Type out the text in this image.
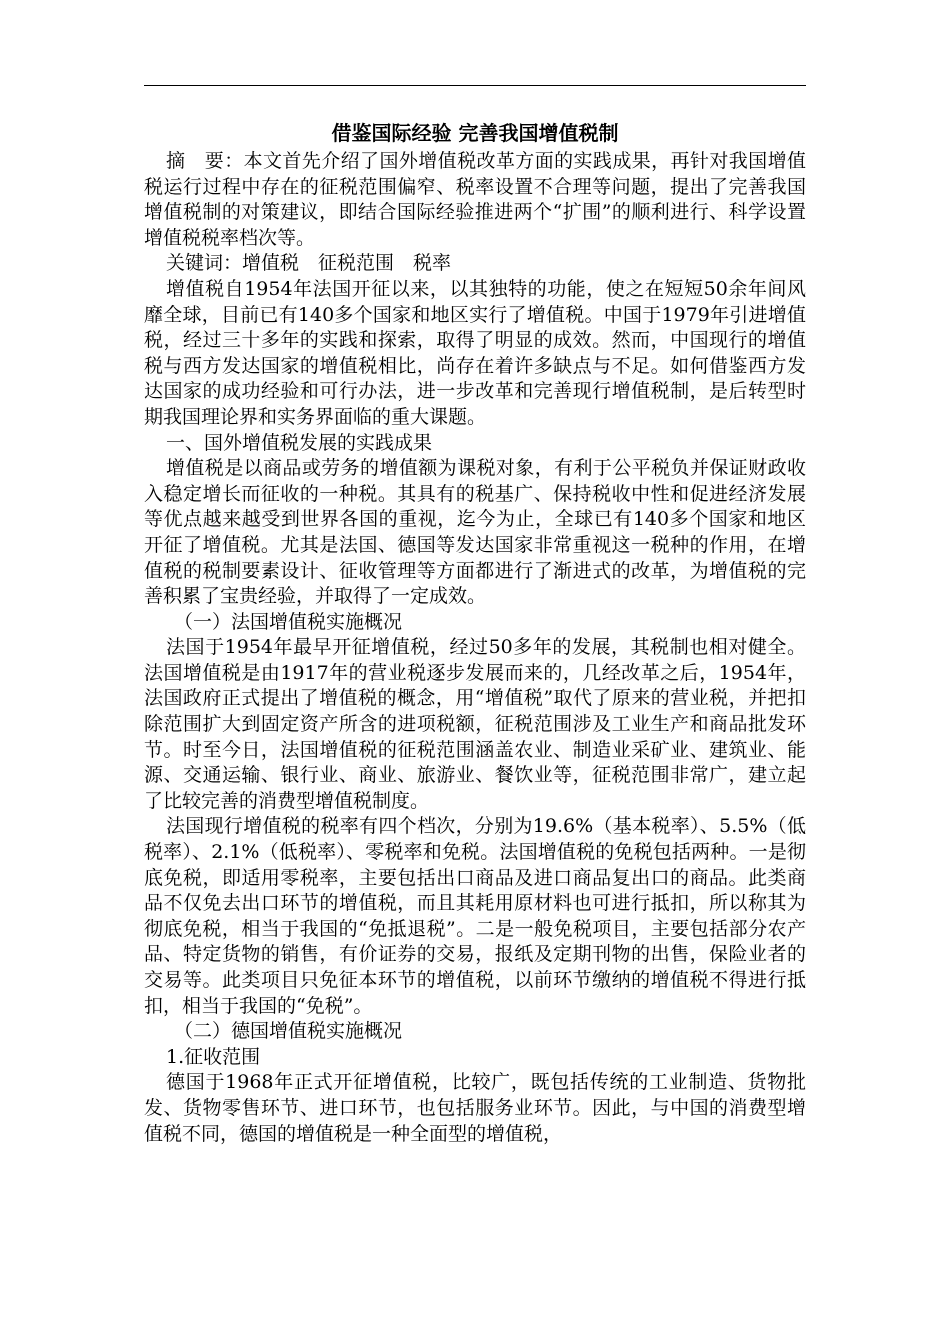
借鉴国际经验 完善我国增值税制

摘　要：本文首先介绍了国外增值税改革方面的实践成果，再针对我国增值税运行过程中存在的征税范围偏窄、税率设置不合理等问题，提出了完善我国增值税制的对策建议，即结合国际经验推进两个“扩围”的顺利进行、科学设置增值税税率档次等。

关键词：增值税　征税范围　税率

增值税自1954年法国开征以来，以其独特的功能，使之在短短50余年间风靡全球，目前已有140多个国家和地区实行了增值税。中国于1979年引进增值税，经过三十多年的实践和探索，取得了明显的成效。然而，中国现行的增值税与西方发达国家的增值税相比，尚存在着许多缺点与不足。如何借鉴西方发达国家的成功经验和可行办法，进一步改革和完善现行增值税制，是后转型时期我国理论界和实务界面临的重大课题。

一、国外增值税发展的实践成果

增值税是以商品或劳务的增值额为课税对象，有利于公平税负并保证财政收入稳定增长而征收的一种税。其具有的税基广、保持税收中性和促进经济发展等优点越来越受到世界各国的重视，迄今为止，全球已有140多个国家和地区开征了增值税。尤其是法国、德国等发达国家非常重视这一税种的作用，在增值税的税制要素设计、征收管理等方面都进行了渐进式的改革，为增值税的完善积累了宝贵经验，并取得了一定成效。

（一）法国增值税实施概况

法国于1954年最早开征增值税，经过50多年的发展，其税制也相对健全。法国增值税是由1917年的营业税逐步发展而来的，几经改革之后，1954年，法国政府正式提出了增值税的概念，用“增值税”取代了原来的营业税，并把扣除范围扩大到固定资产所含的进项税额，征税范围涉及工业生产和商品批发环节。时至今日，法国增值税的征税范围涵盖农业、制造业采矿业、建筑业、能源、交通运输、银行业、商业、旅游业、餐饮业等，征税范围非常广，建立起了比较完善的消费型增值税制度。

法国现行增值税的税率有四个档次，分别为19.6%（基本税率）、5.5%（低税率）、2.1%（低税率）、零税率和免税。法国增值税的免税包括两种。一是彻底免税，即适用零税率，主要包括出口商品及进口商品复出口的商品。此类商品不仅免去出口环节的增值税，而且其耗用原材料也可进行抵扣，所以称其为彻底免税，相当于我国的“免抵退税”。二是一般免税项目，主要包括部分农产品、特定货物的销售，有价证券的交易，报纸及定期刊物的出售，保险业者的交易等。此类项目只免征本环节的增值税，以前环节缴纳的增值税不得进行抵扣，相当于我国的“免税”。

（二）德国增值税实施概况

1.征收范围

德国于1968年正式开征增值税，比较广，既包括传统的工业制造、货物批发、货物零售环节、进口环节，也包括服务业环节。因此，与中国的消费型增值税不同，德国的增值税是一种全面型的增值税，
